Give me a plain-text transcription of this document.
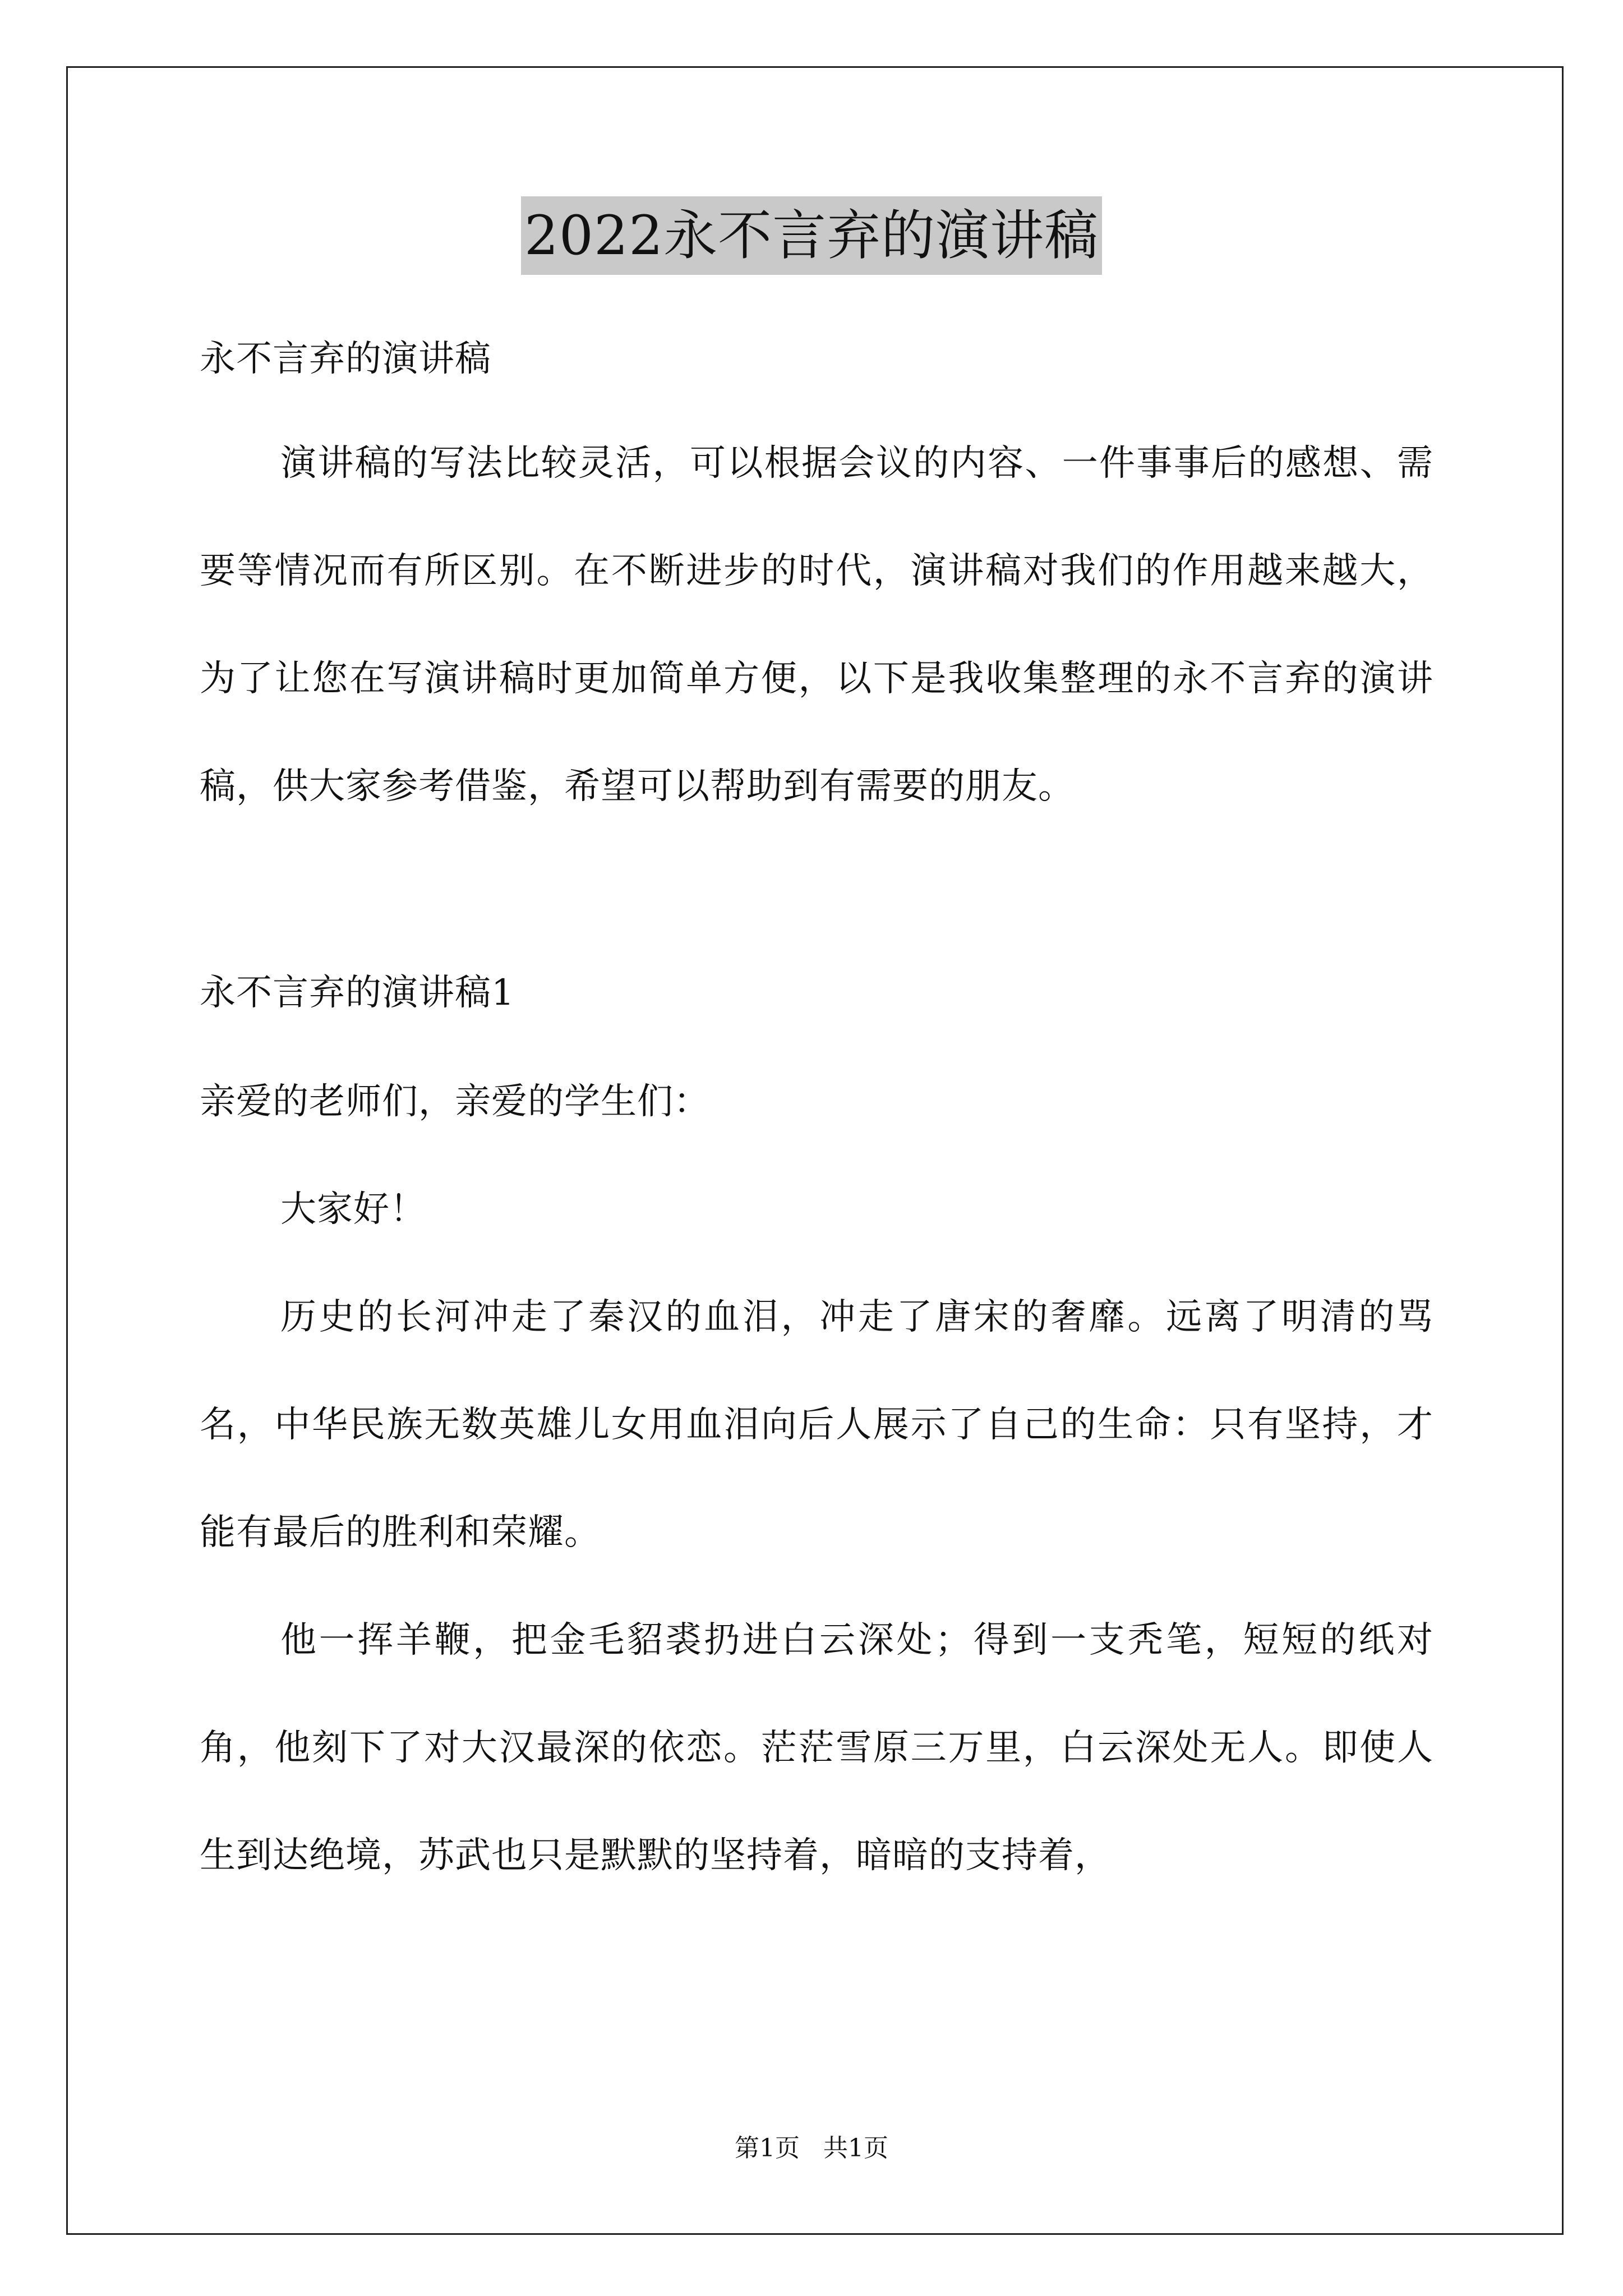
2022永不言弃的演讲稿

永不言弃的演讲稿

演讲稿的写法比较灵活，可以根据会议的内容、一件事事后的感想、需要等情况而有所区别。在不断进步的时代，演讲稿对我们的作用越来越大，为了让您在写演讲稿时更加简单方便，以下是我收集整理的永不言弃的演讲稿，供大家参考借鉴，希望可以帮助到有需要的朋友。

永不言弃的演讲稿1

亲爱的老师们，亲爱的学生们：

大家好！

历史的长河冲走了秦汉的血泪，冲走了唐宋的奢靡。远离了明清的骂名，中华民族无数英雄儿女用血泪向后人展示了自己的生命：只有坚持，才能有最后的胜利和荣耀。

他一挥羊鞭，把金毛貂裘扔进白云深处；得到一支秃笔，短短的纸对角，他刻下了对大汉最深的依恋。茫茫雪原三万里，白云深处无人。即使人生到达绝境，苏武也只是默默的坚持着，暗暗的支持着，

第1页 共1页
